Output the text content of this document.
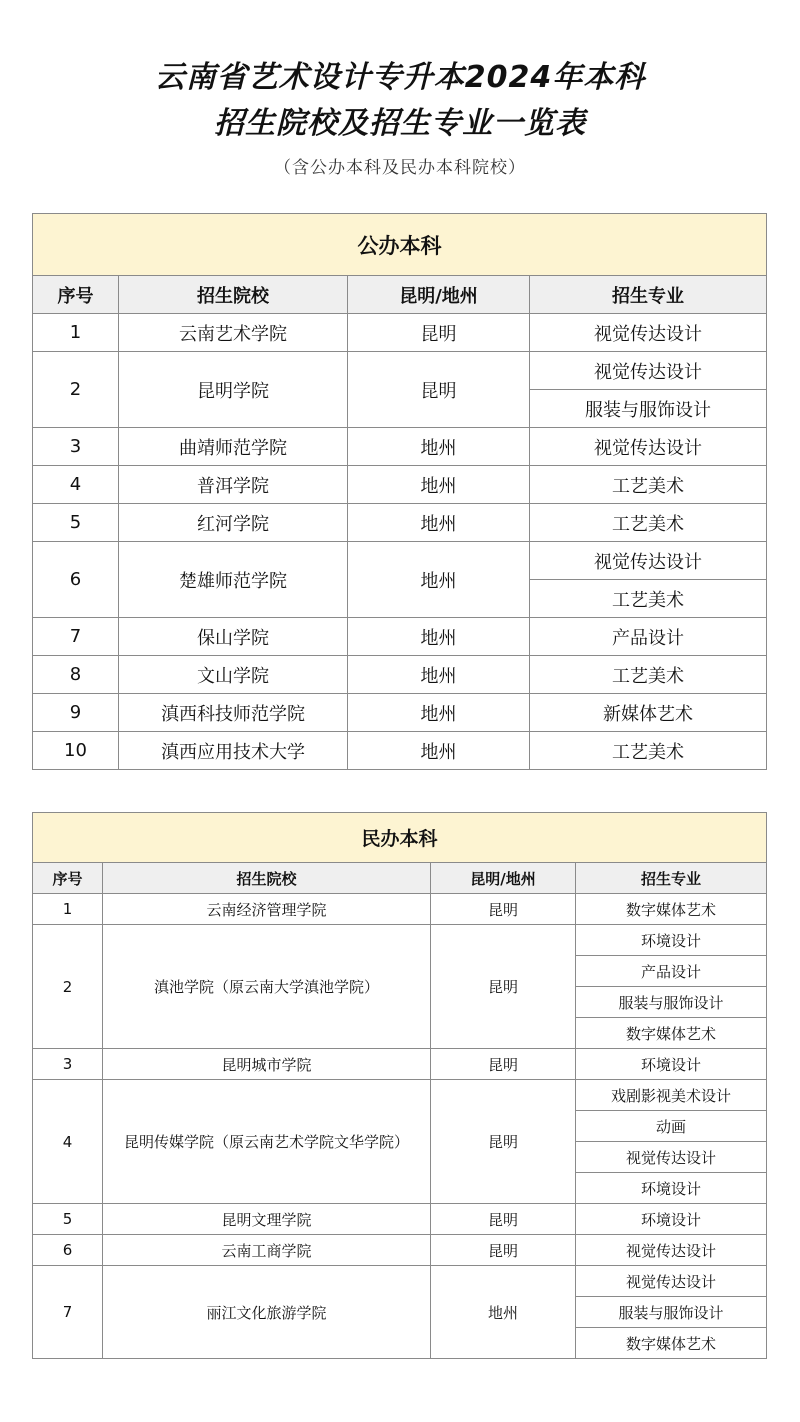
云南省艺术设计专升本2024年本科
招生院校及招生专业一览表
（含公办本科及民办本科院校）
公办本科			
序号	招生院校	昆明/地州	招生专业
1	云南艺术学院	昆明	视觉传达设计
2	昆明学院	昆明	视觉传达设计
			服装与服饰设计
3	曲靖师范学院	地州	视觉传达设计
4	普洱学院	地州	工艺美术
5	红河学院	地州	工艺美术
6	楚雄师范学院	地州	视觉传达设计
			工艺美术
7	保山学院	地州	产品设计
8	文山学院	地州	工艺美术
9	滇西科技师范学院	地州	新媒体艺术
10	滇西应用技术大学	地州	工艺美术
民办本科			
序号	招生院校	昆明/地州	招生专业
1	云南经济管理学院	昆明	数字媒体艺术
2	滇池学院（原云南大学滇池学院）	昆明	环境设计
			产品设计
			服装与服饰设计
			数字媒体艺术
3	昆明城市学院	昆明	环境设计
4	昆明传媒学院（原云南艺术学院文华学院）	昆明	戏剧影视美术设计
			动画
			视觉传达设计
			环境设计
5	昆明文理学院	昆明	环境设计
6	云南工商学院	昆明	视觉传达设计
7	丽江文化旅游学院	地州	视觉传达设计
			服装与服饰设计
			数字媒体艺术
